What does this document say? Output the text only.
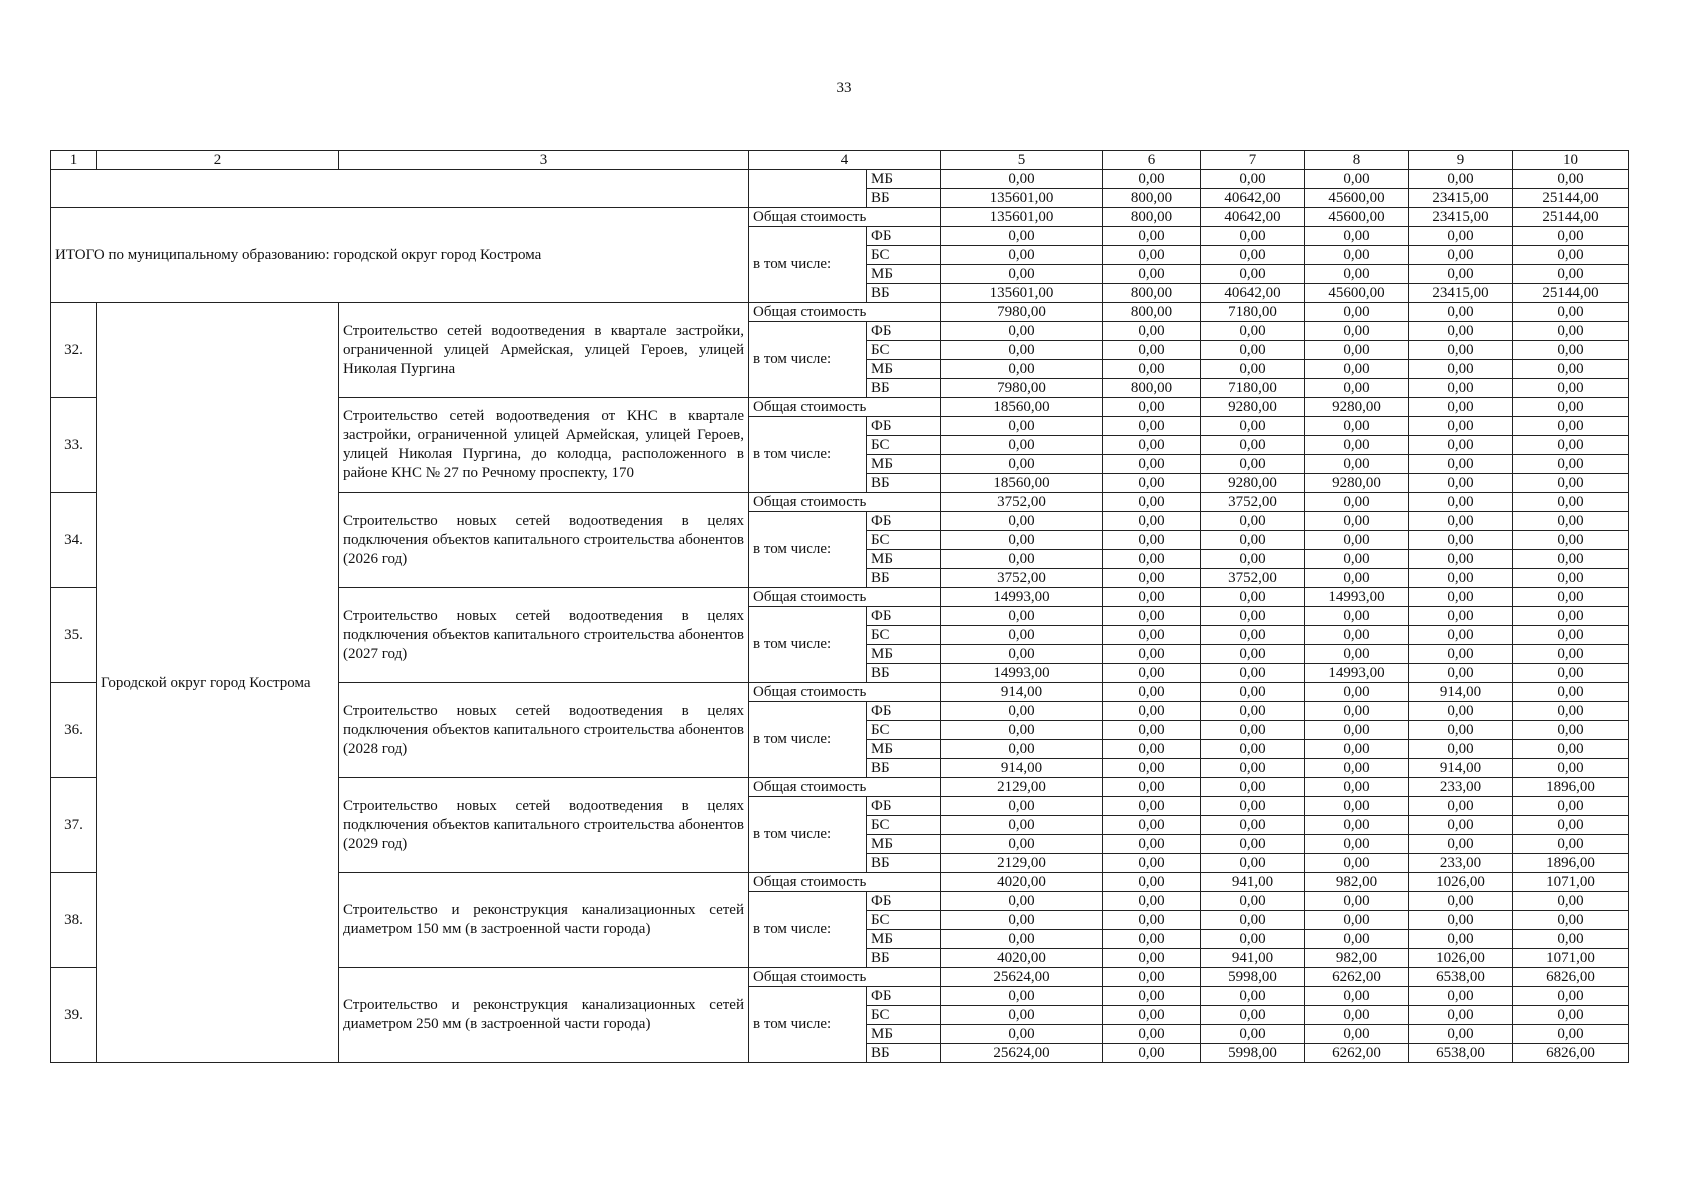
33
1	2	3	4		5	6	7	8	9	10
				МБ	0,00	0,00	0,00	0,00	0,00	0,00
				ВБ	135601,00	800,00	40642,00	45600,00	23415,00	25144,00
ИТОГО по муниципальному образованию: городской округ город Кострома			Общая стоимость		135601,00	800,00	40642,00	45600,00	23415,00	25144,00
			в том числе:	ФБ	0,00	0,00	0,00	0,00	0,00	0,00
				БС	0,00	0,00	0,00	0,00	0,00	0,00
				МБ	0,00	0,00	0,00	0,00	0,00	0,00
				ВБ	135601,00	800,00	40642,00	45600,00	23415,00	25144,00
32.	Городской округ город Кострома	Строительство сетей водоотведения в квартале застройки, ограниченной улицей Армейская, улицей Героев, улицей Николая Пургина	Общая стоимость		7980,00	800,00	7180,00	0,00	0,00	0,00
			в том числе:	ФБ	0,00	0,00	0,00	0,00	0,00	0,00
				БС	0,00	0,00	0,00	0,00	0,00	0,00
				МБ	0,00	0,00	0,00	0,00	0,00	0,00
				ВБ	7980,00	800,00	7180,00	0,00	0,00	0,00
33.		Строительство сетей водоотведения от КНС в квартале застройки, ограниченной улицей Армейская, улицей Героев, улицей Николая Пургина, до колодца, расположенного в районе КНС № 27 по Речному проспекту, 170	Общая стоимость		18560,00	0,00	9280,00	9280,00	0,00	0,00
			в том числе:	ФБ	0,00	0,00	0,00	0,00	0,00	0,00
				БС	0,00	0,00	0,00	0,00	0,00	0,00
				МБ	0,00	0,00	0,00	0,00	0,00	0,00
				ВБ	18560,00	0,00	9280,00	9280,00	0,00	0,00
34.		Строительство новых сетей водоотведения в целях подключения объектов капитального строительства абонентов (2026 год)	Общая стоимость		3752,00	0,00	3752,00	0,00	0,00	0,00
			в том числе:	ФБ	0,00	0,00	0,00	0,00	0,00	0,00
				БС	0,00	0,00	0,00	0,00	0,00	0,00
				МБ	0,00	0,00	0,00	0,00	0,00	0,00
				ВБ	3752,00	0,00	3752,00	0,00	0,00	0,00
35.		Строительство новых сетей водоотведения в целях подключения объектов капитального строительства абонентов (2027 год)	Общая стоимость		14993,00	0,00	0,00	14993,00	0,00	0,00
			в том числе:	ФБ	0,00	0,00	0,00	0,00	0,00	0,00
				БС	0,00	0,00	0,00	0,00	0,00	0,00
				МБ	0,00	0,00	0,00	0,00	0,00	0,00
				ВБ	14993,00	0,00	0,00	14993,00	0,00	0,00
36.		Строительство новых сетей водоотведения в целях подключения объектов капитального строительства абонентов (2028 год)	Общая стоимость		914,00	0,00	0,00	0,00	914,00	0,00
			в том числе:	ФБ	0,00	0,00	0,00	0,00	0,00	0,00
				БС	0,00	0,00	0,00	0,00	0,00	0,00
				МБ	0,00	0,00	0,00	0,00	0,00	0,00
				ВБ	914,00	0,00	0,00	0,00	914,00	0,00
37.		Строительство новых сетей водоотведения в целях подключения объектов капитального строительства абонентов (2029 год)	Общая стоимость		2129,00	0,00	0,00	0,00	233,00	1896,00
			в том числе:	ФБ	0,00	0,00	0,00	0,00	0,00	0,00
				БС	0,00	0,00	0,00	0,00	0,00	0,00
				МБ	0,00	0,00	0,00	0,00	0,00	0,00
				ВБ	2129,00	0,00	0,00	0,00	233,00	1896,00
38.		Строительство и реконструкция канализационных сетей диаметром 150 мм (в застроенной части города)	Общая стоимость		4020,00	0,00	941,00	982,00	1026,00	1071,00
			в том числе:	ФБ	0,00	0,00	0,00	0,00	0,00	0,00
				БС	0,00	0,00	0,00	0,00	0,00	0,00
				МБ	0,00	0,00	0,00	0,00	0,00	0,00
				ВБ	4020,00	0,00	941,00	982,00	1026,00	1071,00
39.		Строительство и реконструкция канализационных сетей диаметром 250 мм (в застроенной части города)	Общая стоимость		25624,00	0,00	5998,00	6262,00	6538,00	6826,00
			в том числе:	ФБ	0,00	0,00	0,00	0,00	0,00	0,00
				БС	0,00	0,00	0,00	0,00	0,00	0,00
				МБ	0,00	0,00	0,00	0,00	0,00	0,00
				ВБ	25624,00	0,00	5998,00	6262,00	6538,00	6826,00
